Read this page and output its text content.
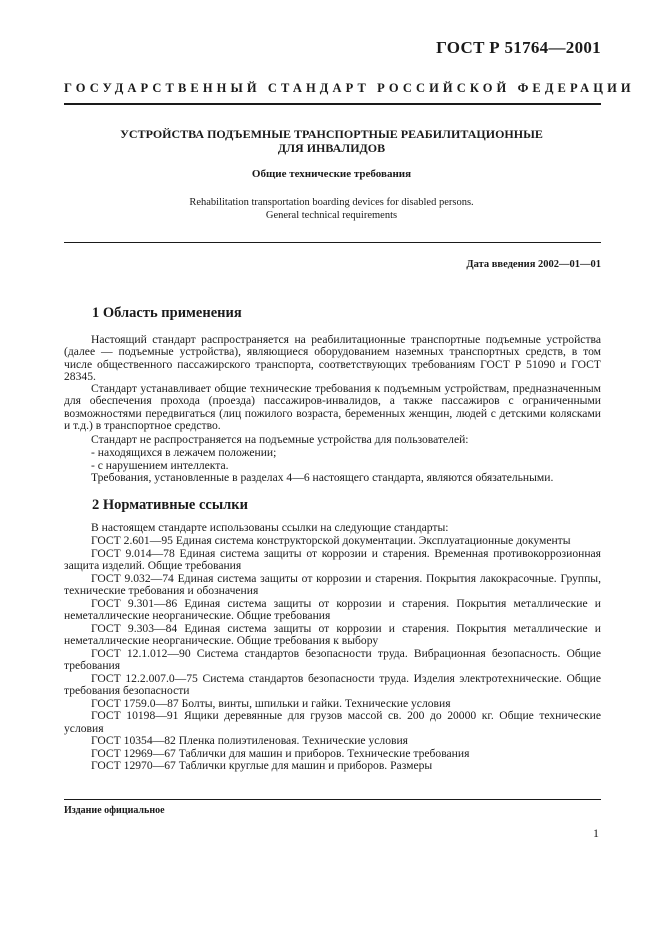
ГОСТ Р 51764—2001
ГОСУДАРСТВЕННЫЙ СТАНДАРТ РОССИЙСКОЙ ФЕДЕРАЦИИ
УСТРОЙСТВА ПОДЪЕМНЫЕ ТРАНСПОРТНЫЕ РЕАБИЛИТАЦИОННЫЕ
ДЛЯ ИНВАЛИДОВ
Общие технические требования
Rehabilitation transportation boarding devices for disabled persons.
General technical requirements
Дата введения 2002—01—01
1 Область применения
Настоящий стандарт распространяется на реабилитационные транспортные подъемные устройства (далее — подъемные устройства), являющиеся оборудованием наземных транспортных средств, в том числе общественного пассажирского транспорта, соответствующих требованиям ГОСТ Р 51090 и ГОСТ 28345.
Стандарт устанавливает общие технические требования к подъемным устройствам, предназначенным для обеспечения прохода (проезда) пассажиров-инвалидов, а также пассажиров с ограниченными возможностями передвигаться (лиц пожилого возраста, беременных женщин, людей с детскими колясками и т.д.) в транспортное средство.
Стандарт не распространяется на подъемные устройства для пользователей:
- находящихся в лежачем положении;
- с нарушением интеллекта.
Требования, установленные в разделах 4—6 настоящего стандарта, являются обязательными.
2 Нормативные ссылки
В настоящем стандарте использованы ссылки на следующие стандарты:
ГОСТ 2.601—95 Единая система конструкторской документации. Эксплуатационные документы
ГОСТ 9.014—78 Единая система защиты от коррозии и старения. Временная противокоррозионная защита изделий. Общие требования
ГОСТ 9.032—74 Единая система защиты от коррозии и старения. Покрытия лакокрасочные. Группы, технические требования и обозначения
ГОСТ 9.301—86 Единая система защиты от коррозии и старения. Покрытия металлические и неметаллические неорганические. Общие требования
ГОСТ 9.303—84 Единая система защиты от коррозии и старения. Покрытия металлические и неметаллические неорганические. Общие требования к выбору
ГОСТ 12.1.012—90 Система стандартов безопасности труда. Вибрационная безопасность. Общие требования
ГОСТ 12.2.007.0—75 Система стандартов безопасности труда. Изделия электротехнические. Общие требования безопасности
ГОСТ 1759.0—87 Болты, винты, шпильки и гайки. Технические условия
ГОСТ 10198—91 Ящики деревянные для грузов массой св. 200 до 20000 кг. Общие технические условия
ГОСТ 10354—82 Пленка полиэтиленовая. Технические условия
ГОСТ 12969—67 Таблички для машин и приборов. Технические требования
ГОСТ 12970—67 Таблички круглые для машин и приборов. Размеры
Издание официальное
1
